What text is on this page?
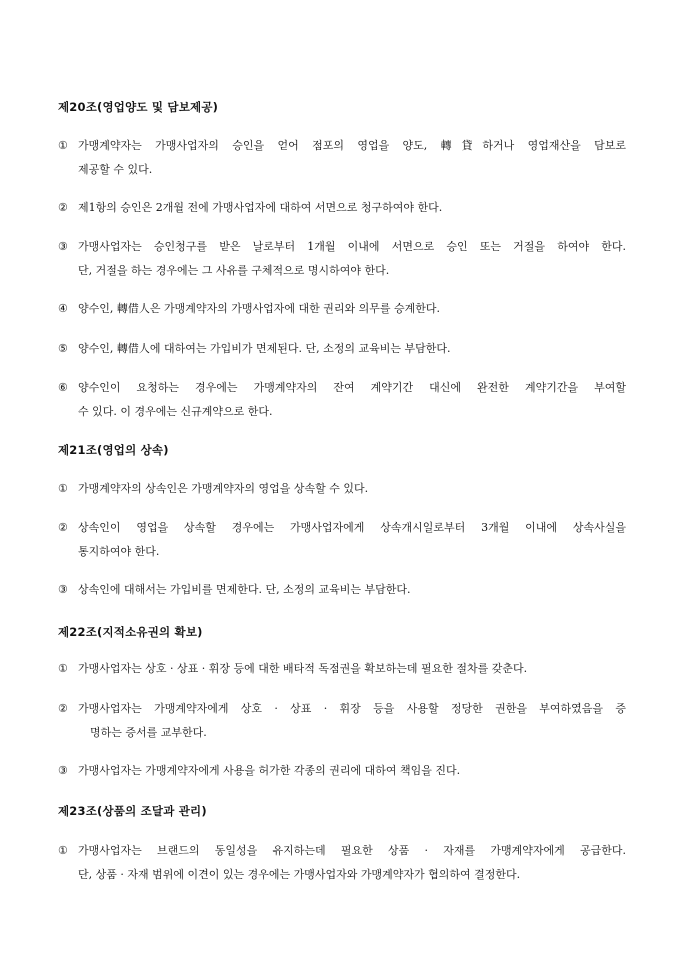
제20조(영업양도 및 담보제공)
① 가맹계약자는 가맹사업자의 승인을 얻어 점포의 영업을 양도, 轉貸하거나 영업재산을 담보로
제공할 수 있다.
② 제1항의 승인은 2개월 전에 가맹사업자에 대하여 서면으로 청구하여야 한다.
③ 가맹사업자는 승인청구를 받은 날로부터 1개월 이내에 서면으로 승인 또는 거절을 하여야 한다.
단, 거절을 하는 경우에는 그 사유를 구체적으로 명시하여야 한다.
④ 양수인, 轉借人은 가맹계약자의 가맹사업자에 대한 권리와 의무를 승계한다.
⑤ 양수인, 轉借人에 대하여는 가입비가 면제된다. 단, 소정의 교육비는 부담한다.
⑥ 양수인이 요청하는 경우에는 가맹계약자의 잔여 계약기간 대신에 완전한 계약기간을 부여할
수 있다. 이 경우에는 신규계약으로 한다.
제21조(영업의 상속)
① 가맹계약자의 상속인은 가맹계약자의 영업을 상속할 수 있다.
② 상속인이 영업을 상속할 경우에는 가맹사업자에게 상속개시일로부터 3개월 이내에 상속사실을
통지하여야 한다.
③ 상속인에 대해서는 가입비를 면제한다. 단, 소정의 교육비는 부담한다.
제22조(지적소유권의 확보)
① 가맹사업자는 상호 · 상표 · 휘장 등에 대한 배타적 독점권을 확보하는데 필요한 절차를 갖춘다.
② 가맹사업자는 가맹계약자에게 상호 · 상표 · 휘장 등을 사용할 정당한 권한을 부여하였음을 증
명하는 증서를 교부한다.
③ 가맹사업자는 가맹계약자에게 사용을 허가한 각종의 권리에 대하여 책임을 진다.
제23조(상품의 조달과 관리)
① 가맹사업자는 브랜드의 동일성을 유지하는데 필요한 상품 · 자재를 가맹계약자에게 공급한다.
단, 상품 · 자재 범위에 이견이 있는 경우에는 가맹사업자와 가맹계약자가 협의하여 결정한다.
